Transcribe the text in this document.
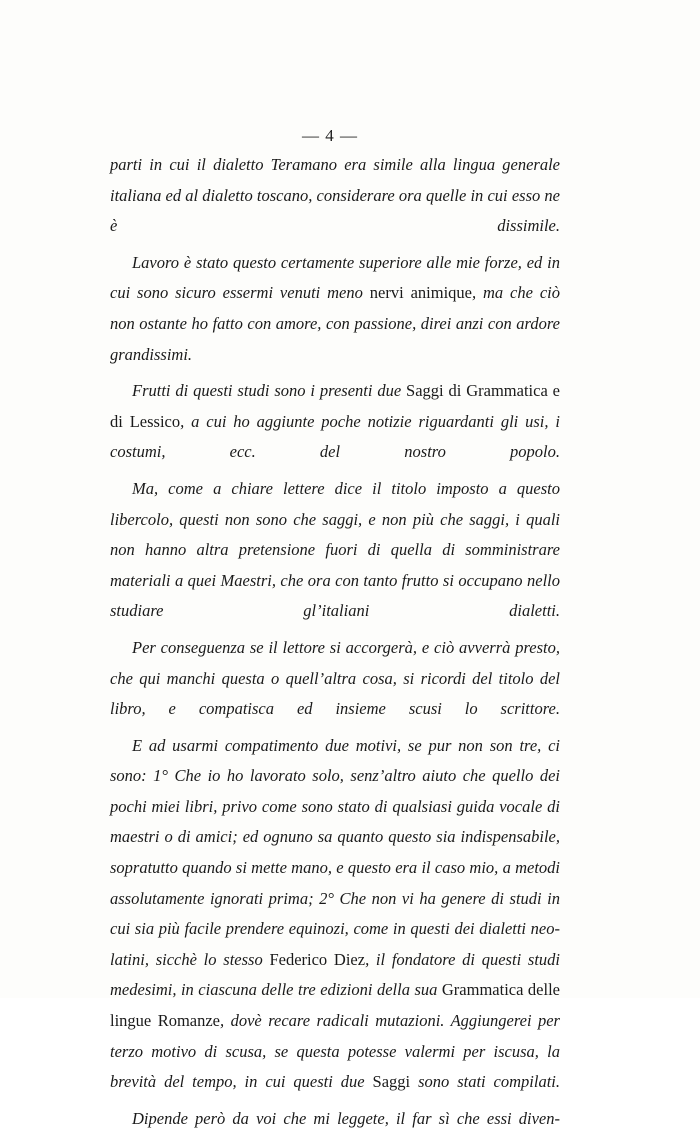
— 4 —

parti in cui il dialetto Teramano era simile alla lingua generale italiana ed al dialetto toscano, considerare ora quelle in cui esso ne è dissimile.

Lavoro è stato questo certamente superiore alle mie forze, ed in cui sono sicuro essermi venuti meno nervi animique, ma che ciò non ostante ho fatto con amore, con passione, direi anzi con ardore grandissimi.

Frutti di questi studi sono i presenti due Saggi di Grammatica e di Lessico, a cui ho aggiunte poche notizie riguardanti gli usi, i costumi, ecc. del nostro popolo.

Ma, come a chiare lettere dice il titolo imposto a questo libercolo, questi non sono che saggi, e non più che saggi, i quali non hanno altra pretensione fuori di quella di somministrare materiali a quei Maestri, che ora con tanto frutto si occupano nello studiare gl’italiani dialetti.

Per conseguenza se il lettore si accorgerà, e ciò avverrà presto, che qui manchi questa o quell’altra cosa, si ricordi del titolo del libro, e compatisca ed insieme scusi lo scrittore.

E ad usarmi compatimento due motivi, se pur non son tre, ci sono: 1° Che io ho lavorato solo, senz’altro aiuto che quello dei pochi miei libri, privo come sono stato di qualsiasi guida vocale di maestri o di amici; ed ognuno sa quanto questo sia indispensabile, sopratutto quando si mette mano, e questo era il caso mio, a metodi assolutamente ignorati prima; 2° Che non vi ha genere di studi in cui sia più facile prendere equinozi, come in questi dei dialetti neo-latini, sicchè lo stesso Federico Diez, il fondatore di questi studi medesimi, in ciascuna delle tre edizioni della sua Grammatica delle lingue Romanze, dovè recare radicali mutazioni. Aggiungerei per terzo motivo di scusa, se questa potesse valermi per iscusa, la brevità del tempo, in cui questi due Saggi sono stati compilati.

Dipende però da voi che mi leggete, il far sì che essi diven-
